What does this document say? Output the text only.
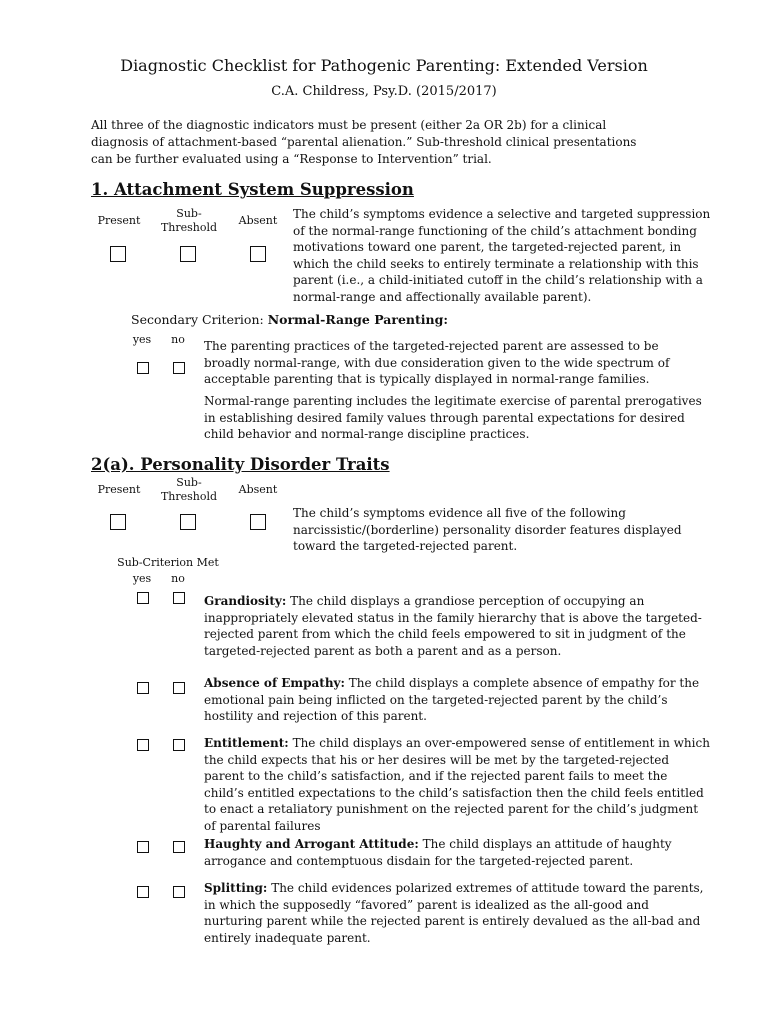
Diagnostic Checklist for Pathogenic Parenting: Extended Version
C.A. Childress, Psy.D. (2015/2017)
All three of the diagnostic indicators must be present (either 2a OR 2b) for a clinical diagnosis of attachment-based “parental alienation.” Sub-threshold clinical presentations can be further evaluated using a “Response to Intervention” trial.
1. Attachment System Suppression
Present
Sub-
Threshold
Absent	The child’s symptoms evidence a selective and targeted suppression of the normal-range functioning of the child’s attachment bonding motivations toward one parent, the targeted-rejected parent, in which the child seeks to entirely terminate a relationship with this parent (i.e., a child-initiated cutoff in the child’s relationship with a normal-range and affectionally available parent).
Secondary Criterion: Normal-Range Parenting:
yes no The parenting practices of the targeted-rejected parent are assessed to be broadly normal-range, with due consideration given to the wide spectrum of acceptable parenting that is typically displayed in normal-range families.
Normal-range parenting includes the legitimate exercise of parental prerogatives in establishing desired family values through parental expectations for desired child behavior and normal-range discipline practices.
2(a). Personality Disorder Traits
Present
Sub-
Threshold
Absent
The child’s symptoms evidence all five of the following narcissistic/(borderline) personality disorder features displayed toward the targeted-rejected parent.
Sub-Criterion Met
yes no
Grandiosity: The child displays a grandiose perception of occupying an inappropriately elevated status in the family hierarchy that is above the targeted-rejected parent from which the child feels empowered to sit in judgment of the targeted-rejected parent as both a parent and as a person.
Absence of Empathy: The child displays a complete absence of empathy for the emotional pain being inflicted on the targeted-rejected parent by the child’s hostility and rejection of this parent.
Entitlement: The child displays an over-empowered sense of entitlement in which the child expects that his or her desires will be met by the targeted-rejected parent to the child’s satisfaction, and if the rejected parent fails to meet the child’s entitled expectations to the child’s satisfaction then the child feels entitled to enact a retaliatory punishment on the rejected parent for the child’s judgment of parental failures
Haughty and Arrogant Attitude: The child displays an attitude of haughty arrogance and contemptuous disdain for the targeted-rejected parent.
Splitting: The child evidences polarized extremes of attitude toward the parents, in which the supposedly “favored” parent is idealized as the all-good and nurturing parent while the rejected parent is entirely devalued as the all-bad and entirely inadequate parent.
